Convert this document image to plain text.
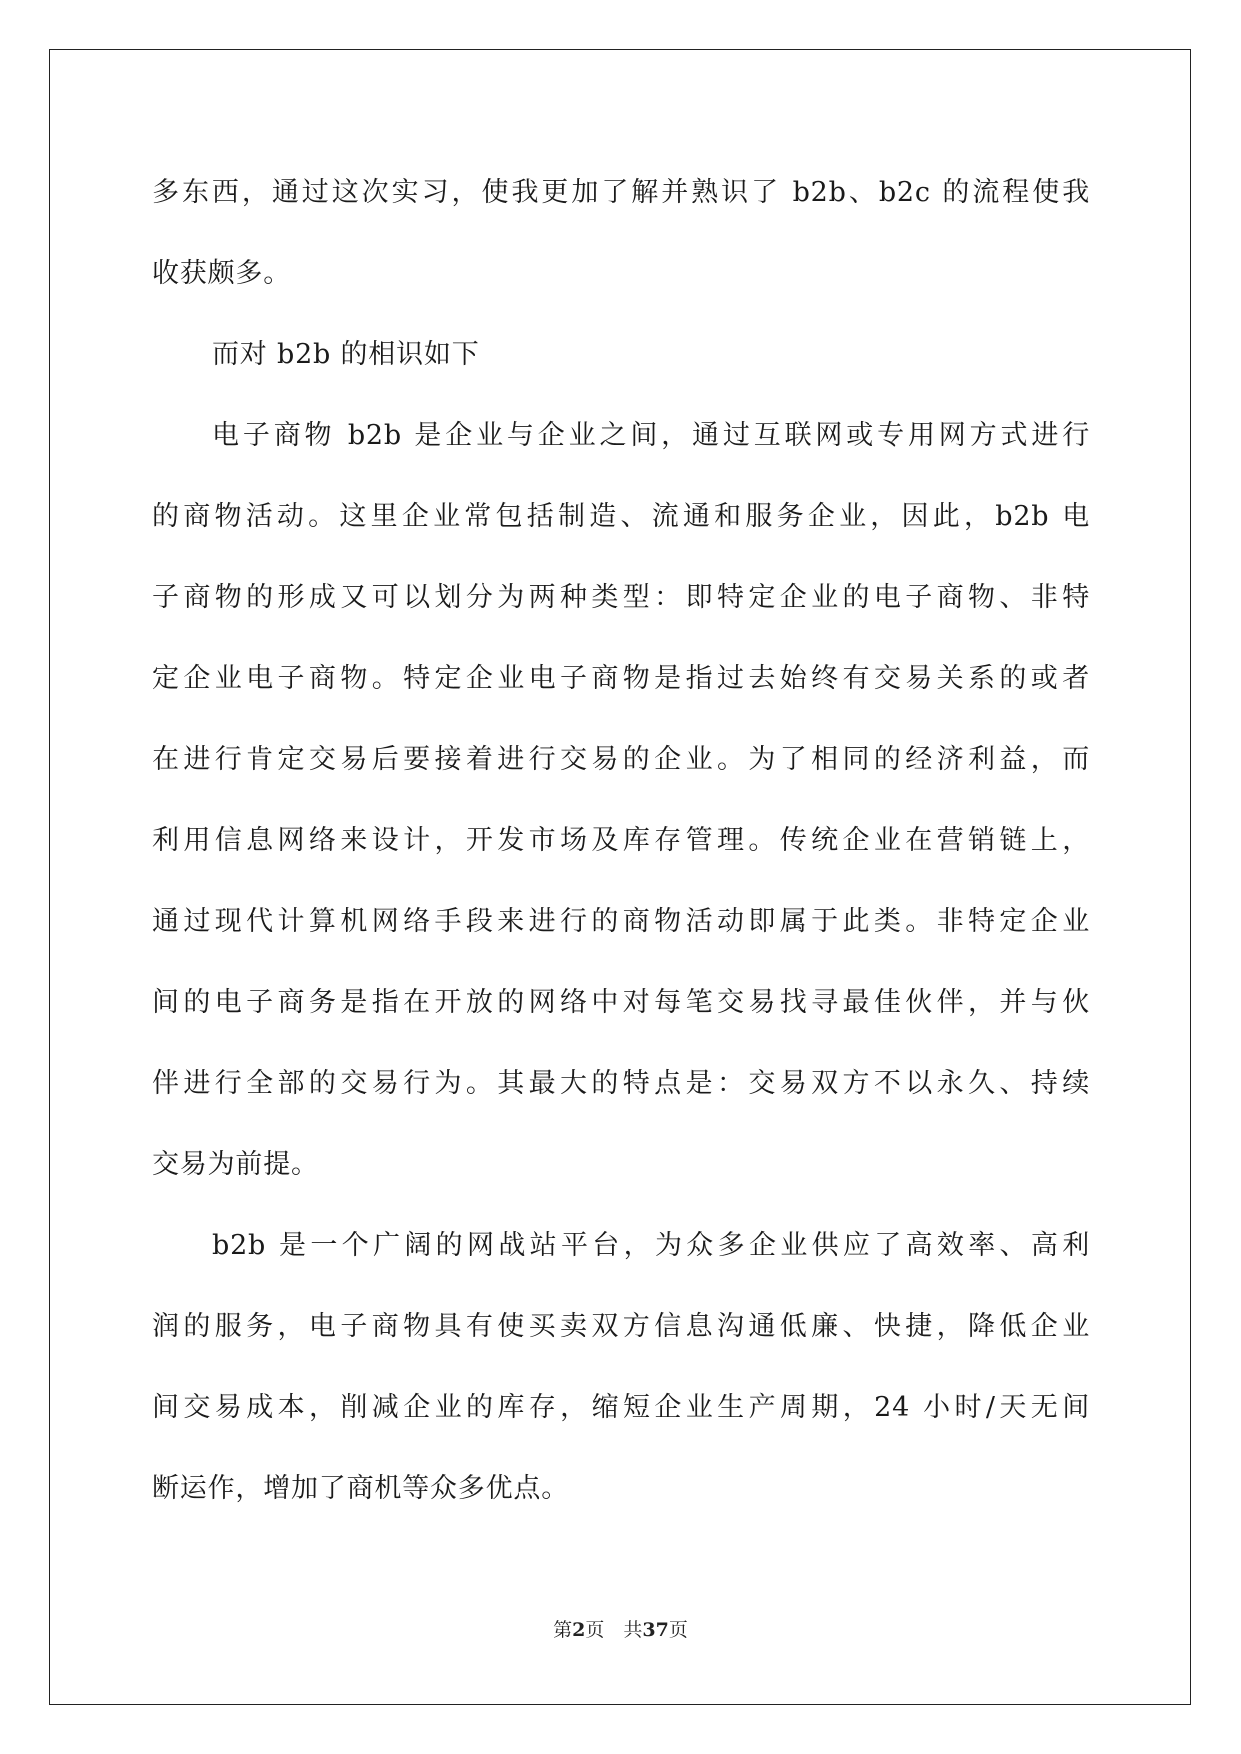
多东西，通过这次实习，使我更加了解并熟识了 b2b、b2c 的流程使我
收获颇多。
而对 b2b 的相识如下
电子商物 b2b 是企业与企业之间，通过互联网或专用网方式进行
的商物活动。这里企业常包括制造、流通和服务企业，因此，b2b 电
子商物的形成又可以划分为两种类型：即特定企业的电子商物、非特
定企业电子商物。特定企业电子商物是指过去始终有交易关系的或者
在进行肯定交易后要接着进行交易的企业。为了相同的经济利益，而
利用信息网络来设计，开发市场及库存管理。传统企业在营销链上，
通过现代计算机网络手段来进行的商物活动即属于此类。非特定企业
间的电子商务是指在开放的网络中对每笔交易找寻最佳伙伴，并与伙
伴进行全部的交易行为。其最大的特点是：交易双方不以永久、持续
交易为前提。
b2b 是一个广阔的网战站平台，为众多企业供应了高效率、高利
润的服务，电子商物具有使买卖双方信息沟通低廉、快捷，降低企业
间交易成本，削减企业的库存，缩短企业生产周期，24 小时/天无间
断运作，增加了商机等众多优点。
第2页　共37页
